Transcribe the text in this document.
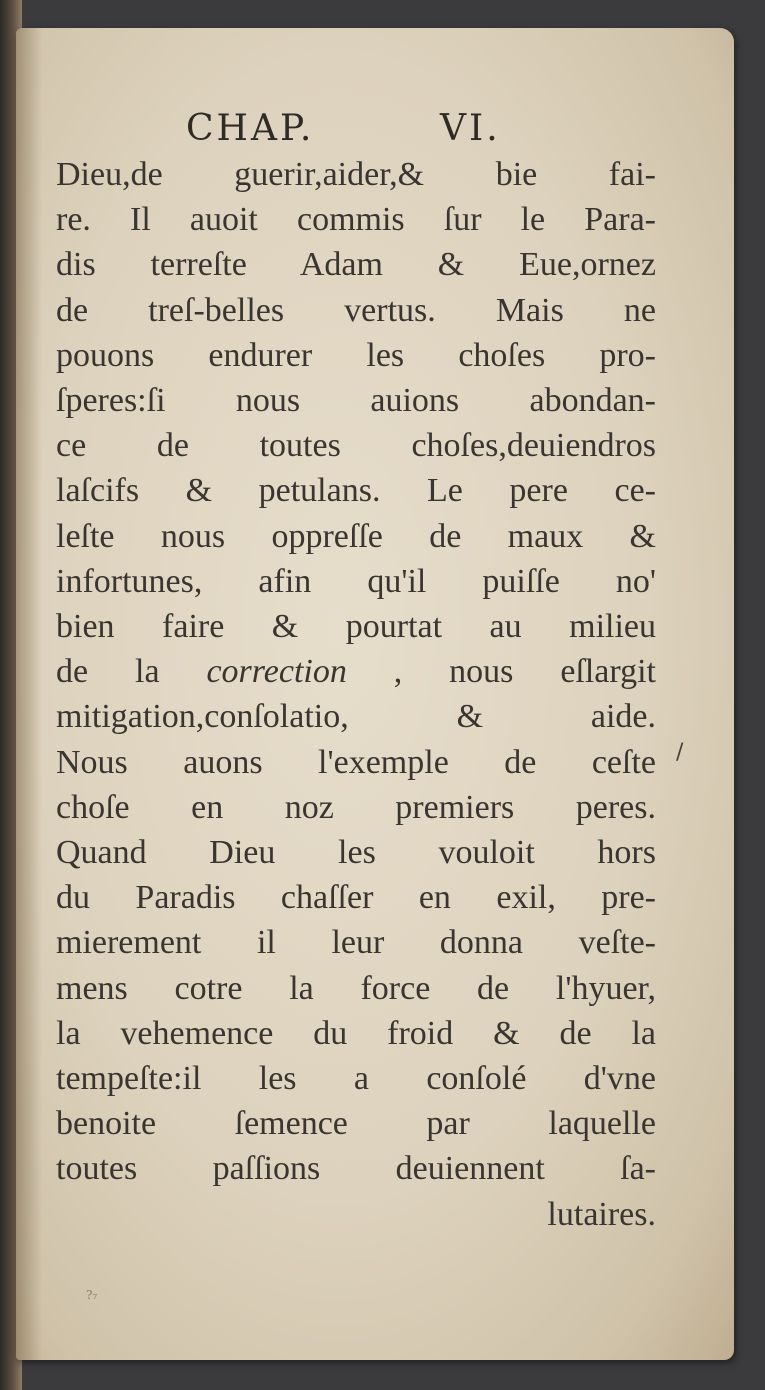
CHAP.	VI.
Dieu,de guerir,aider,& bie fai-
re. Il auoit commis ſur le Para-
dis terreſte Adam & Eue,ornez
de treſ-belles vertus. Mais ne
pouons endurer les choſes pro-
ſperes:ſi nous auions abondan-
ce de toutes choſes,deuiendros
laſcifs & petulans. Le pere ce-
leſte nous oppreſſe de maux &
infortunes, afin qu'il puiſſe no'
bien faire & pourtat au milieu
de la correction , nous eſlargit
mitigation,conſolatio, & aide.
Nous auons l'exemple de ceſte
choſe en noz premiers peres.
Quand Dieu les vouloit hors
du Paradis chaſſer en exil, pre-
mierement il leur donna veſte-
mens cotre la force de l'hyuer,
la vehemence du froid & de la
tempeſte:il les a conſolé d'vne
benoite ſemence par laquelle
toutes paſſions deuiennent ſa-
lutaires.
/
?₇
